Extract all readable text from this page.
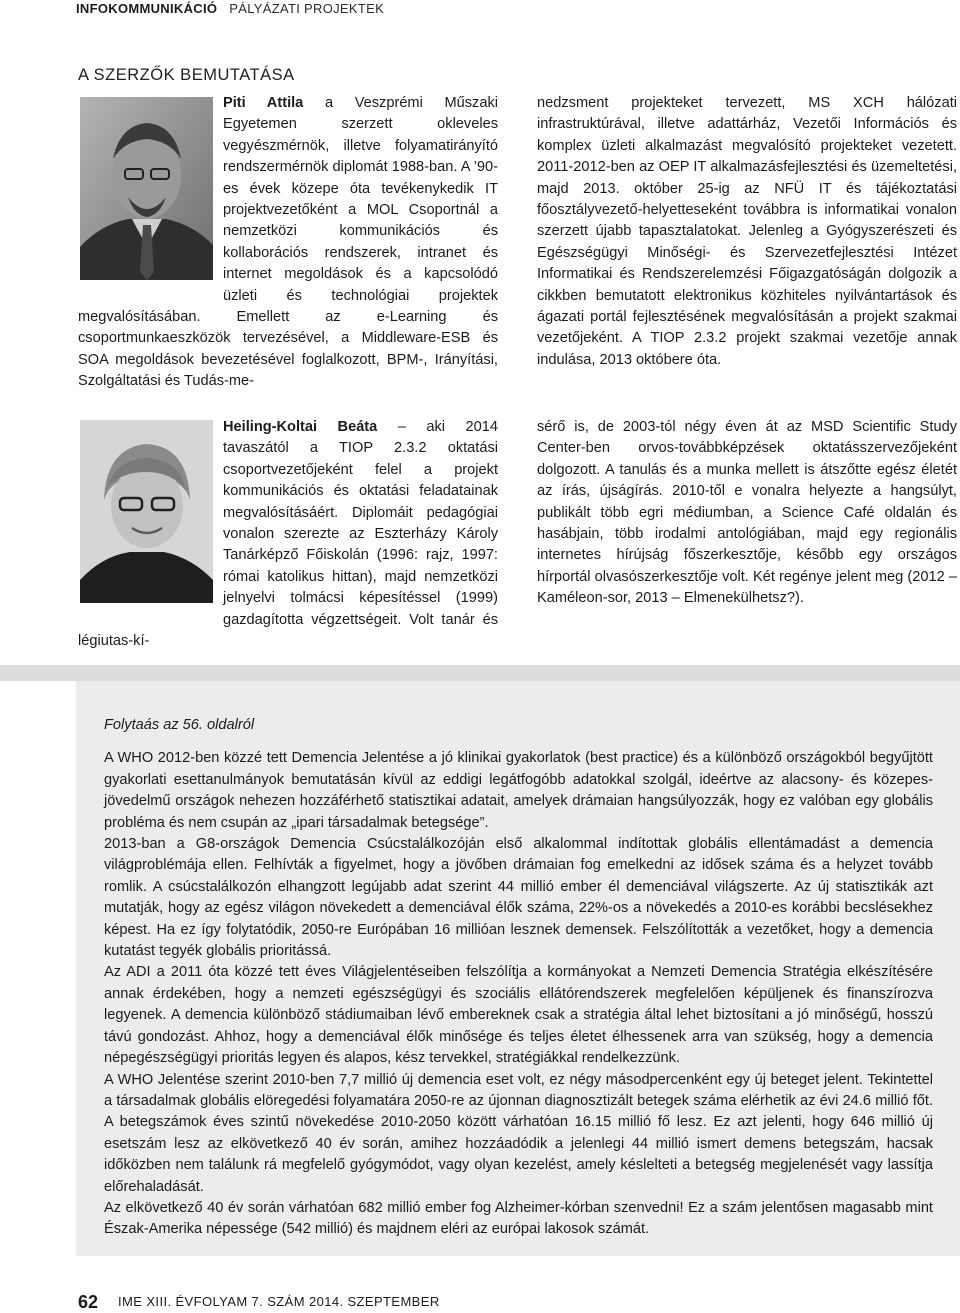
INFOKOMMUNIKÁCIÓ PÁLYÁZATI PROJEKTEK
A SZERZŐK BEMUTATÁSA

Piti Attila a Veszprémi Műszaki Egyetemen szerzett okleveles vegyészmérnök, illetve folyamatirányító rendszermérnök diplomát 1988-ban. A ’90-es évek közepe óta tevékenykedik IT projektvezetőként a MOL Csoportnál a nemzetközi kommunikációs és kollaborációs rendszerek, intranet és internet megoldások és a kapcsolódó üzleti és technológiai projektek megvalósításában. Emellett az e-Learning és csoportmunkaeszközök tervezésével, a Middleware-ESB és SOA megoldások bevezetésével foglalkozott, BPM-, Irányítási, Szolgáltatási és Tudás-me-

nedzsment projekteket tervezett, MS XCH hálózati infrastruktúrával, illetve adattárház, Vezetői Információs és komplex üzleti alkalmazást megvalósító projekteket vezetett. 2011-2012-ben az OEP IT alkalmazásfejlesztési és üzemeltetési, majd 2013. október 25-ig az NFÜ IT és tájékoztatási főosztályvezető-helyetteseként továbbra is informatikai vonalon szerzett újabb tapasztalatokat. Jelenleg a Gyógyszerészeti és Egészségügyi Minőségi- és Szervezetfejlesztési Intézet Informatikai és Rendszerelemzési Főigazgatóságán dolgozik a cikkben bemutatott elektronikus közhiteles nyilvántartások és ágazati portál fejlesztésének megvalósításán a projekt szakmai vezetőjeként. A TIOP 2.3.2 projekt szakmai vezetője annak indulása, 2013 októbere óta.

Heiling-Koltai Beáta – aki 2014 tavaszától a TIOP 2.3.2 oktatási csoportvezetőjeként felel a projekt kommunikációs és oktatási feladatainak megvalósításáért. Diplomáit pedagógiai vonalon szerezte az Eszterházy Károly Tanárképző Főiskolán (1996: rajz, 1997: római katolikus hittan), majd nemzetközi jelnyelvi tolmácsi képesítéssel (1999) gazdagította végzettségeit. Volt tanár és légiutas-kí-

sérő is, de 2003-tól négy éven át az MSD Scientific Study Center-ben orvos-továbbképzések oktatásszervezőjeként dolgozott. A tanulás és a munka mellett is átszőtte egész életét az írás, újságírás. 2010-től e vonalra helyezte a hangsúlyt, publikált több egri médiumban, a Science Café oldalán és hasábjain, több irodalmi antológiában, majd egy regionális internetes hírújság főszerkesztője, később egy országos hírportál olvasószerkesztője volt. Két regénye jelent meg (2012 – Kaméleon-sor, 2013 – Elmenekülhetsz?).

Folytaás az 56. oldalról

A WHO 2012-ben közzé tett Demencia Jelentése a jó klinikai gyakorlatok (best practice) és a különböző országokból begyűjtött gyakorlati esettanulmányok bemutatásán kívül az eddigi legátfogóbb adatokkal szolgál, ideértve az alacsony- és közepes-jövedelmű országok nehezen hozzáférhető statisztikai adatait, amelyek drámaian hangsúlyozzák, hogy ez valóban egy globális probléma és nem csupán az „ipari társadalmak betegsége”.

2013-ban a G8-országok Demencia Csúcstalálkozóján első alkalommal indítottak globális ellentámadást a demencia világproblémája ellen. Felhívták a figyelmet, hogy a jövőben drámaian fog emelkedni az idősek száma és a helyzet tovább romlik. A csúcstalálkozón elhangzott legújabb adat szerint 44 millió ember él demenciával világszerte. Az új statisztikák azt mutatják, hogy az egész világon növekedett a demenciával élők száma, 22%-os a növekedés a 2010-es korábbi becslésekhez képest. Ha ez így folytatódik, 2050-re Európában 16 millióan lesznek demensek. Felszólították a vezetőket, hogy a demencia kutatást tegyék globális prioritássá.

Az ADI a 2011 óta közzé tett éves Világjelentéseiben felszólítja a kormányokat a Nemzeti Demencia Stratégia elkészítésére annak érdekében, hogy a nemzeti egészségügyi és szociális ellátórendszerek megfelelően képüljenek és finanszírozva legyenek. A demencia különböző stádiumaiban lévő embereknek csak a stratégia által lehet biztosítani a jó minőségű, hosszú távú gondozást. Ahhoz, hogy a demenciával élők minősége és teljes életet élhessenek arra van szükség, hogy a demencia népegészségügyi prioritás legyen és alapos, kész tervekkel, stratégiákkal rendelkezzünk.

A WHO Jelentése szerint 2010-ben 7,7 millió új demencia eset volt, ez négy másodpercenként egy új beteget jelent. Tekintettel a társadalmak globális elöregedési folyamatára 2050-re az újonnan diagnosztizált betegek száma elérhetik az évi 24.6 millió főt. A betegszámok éves szintű növekedése 2010-2050 között várhatóan 16.15 millió fő lesz. Ez azt jelenti, hogy 646 millió új esetszám lesz az elkövetkező 40 év során, amihez hozzáadódik a jelenlegi 44 millió ismert demens betegszám, hacsak időközben nem találunk rá megfelelő gyógymódot, vagy olyan kezelést, amely késlelteti a betegség megjelenését vagy lassítja előrehaladását.

Az elkövetkező 40 év során várhatóan 682 millió ember fog Alzheimer-kórban szenvedni! Ez a szám jelentősen magasabb mint Észak-Amerika népessége (542 millió) és majdnem eléri az európai lakosok számát.

62 IME XIII. ÉVFOLYAM 7. SZÁM 2014. SZEPTEMBER
